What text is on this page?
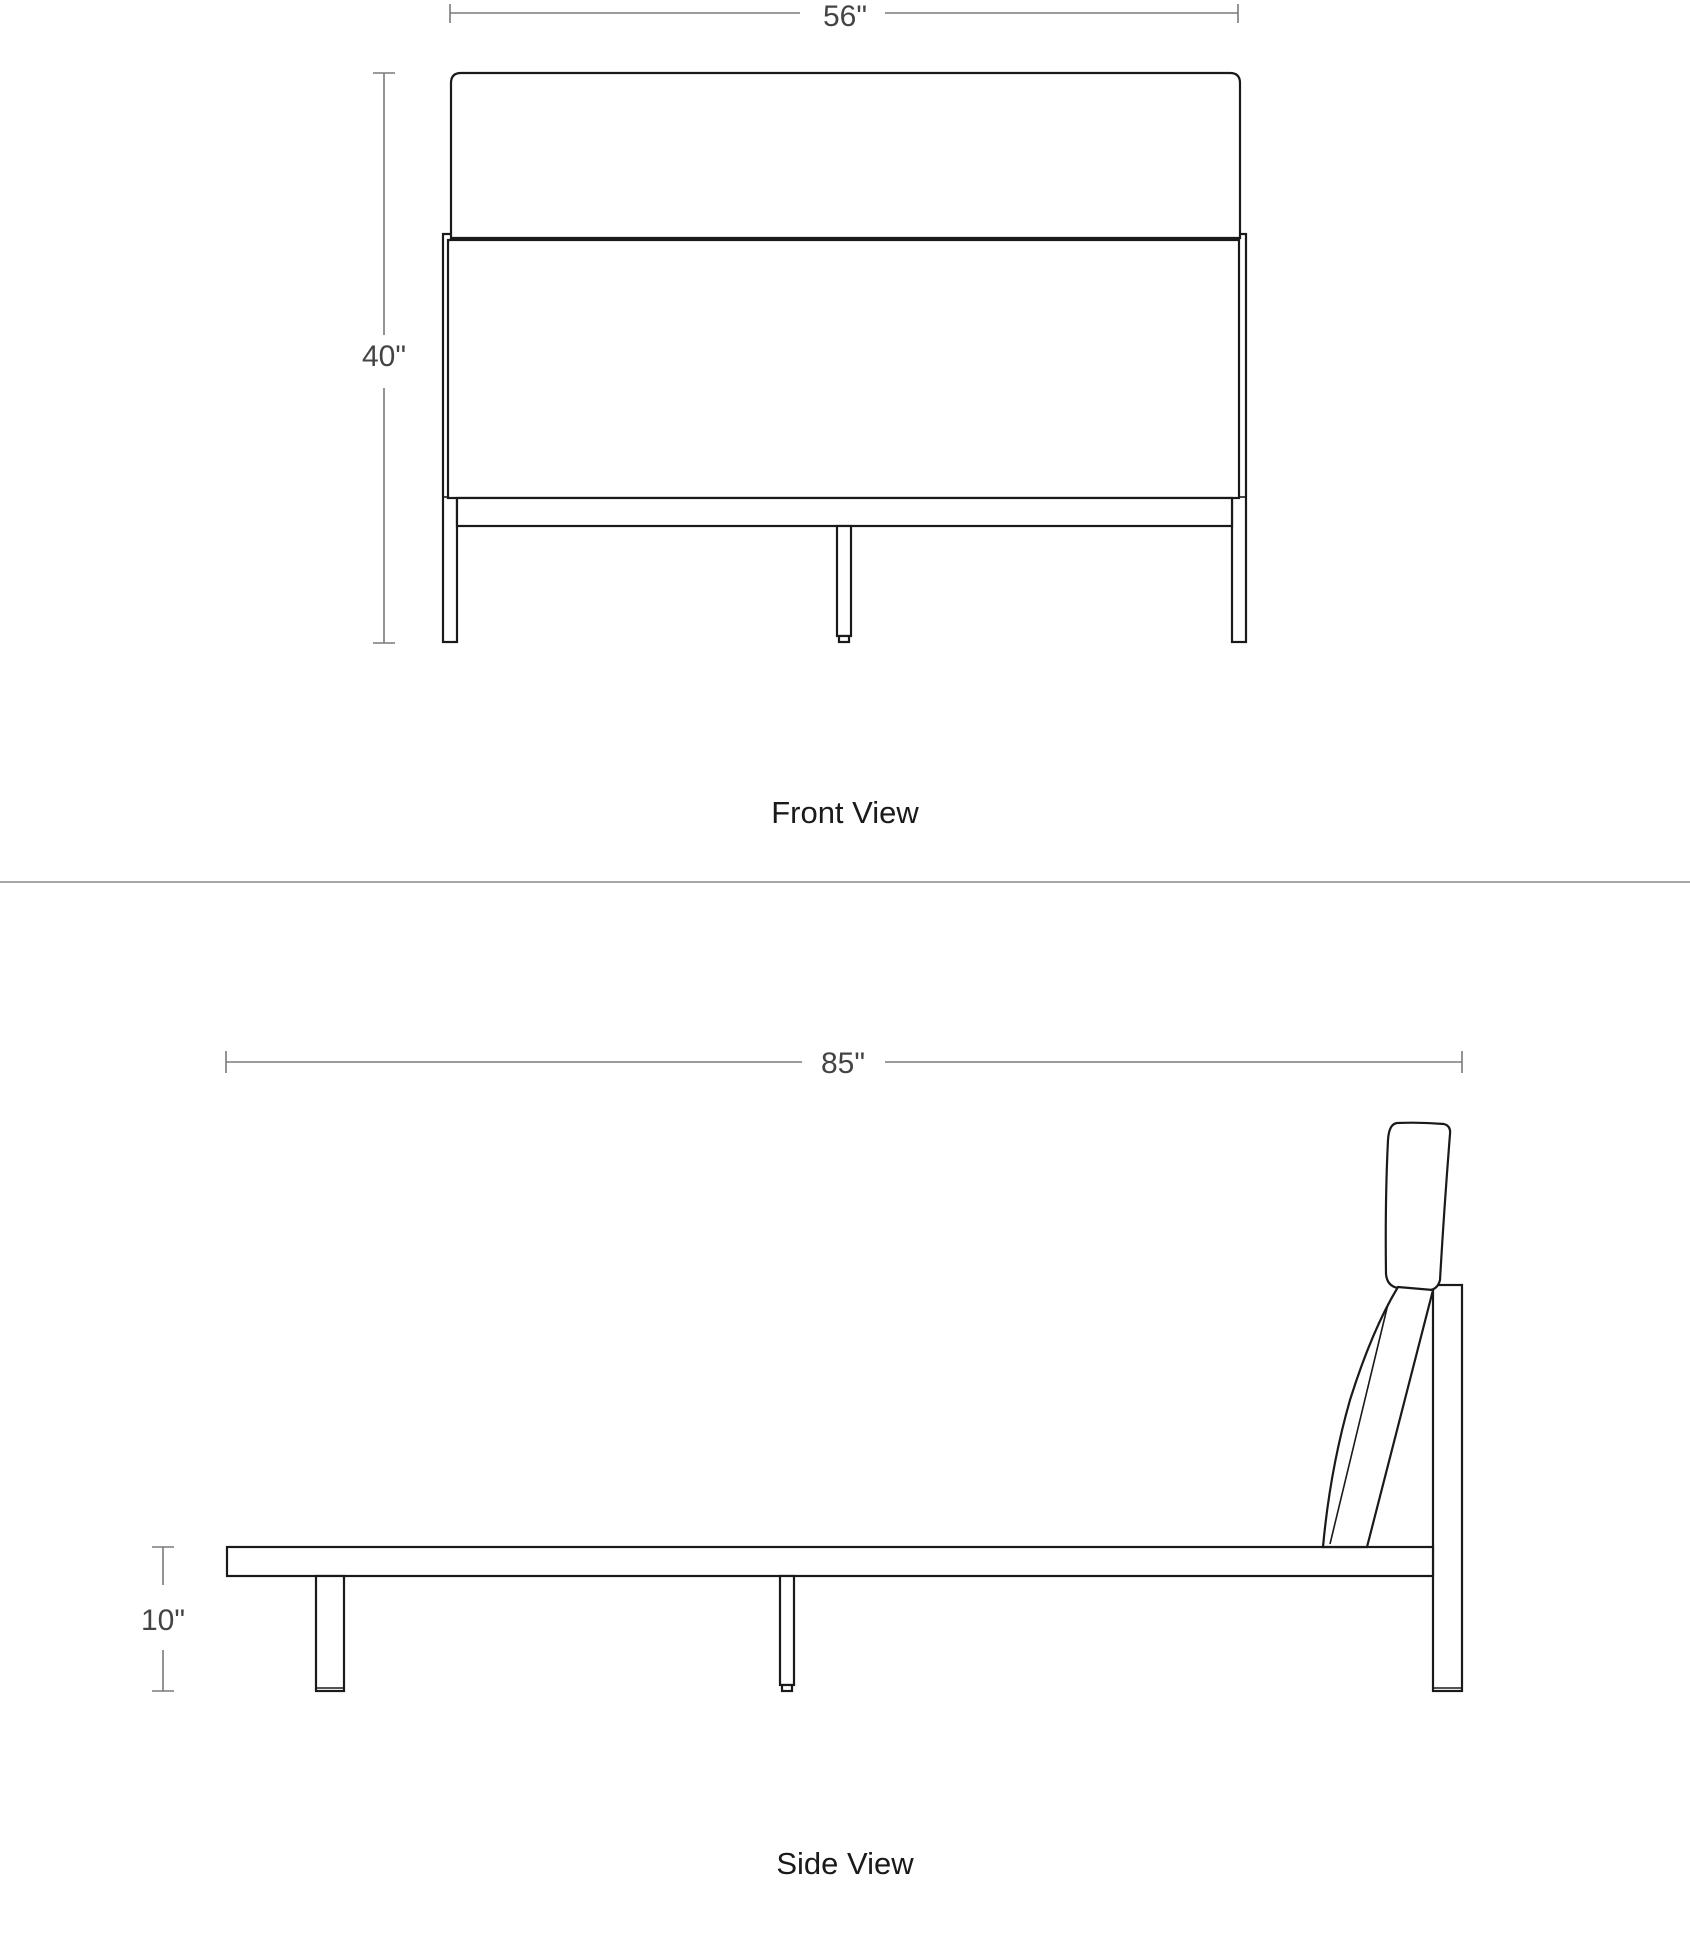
56"
40"
Front View
85"
10"
Side View
